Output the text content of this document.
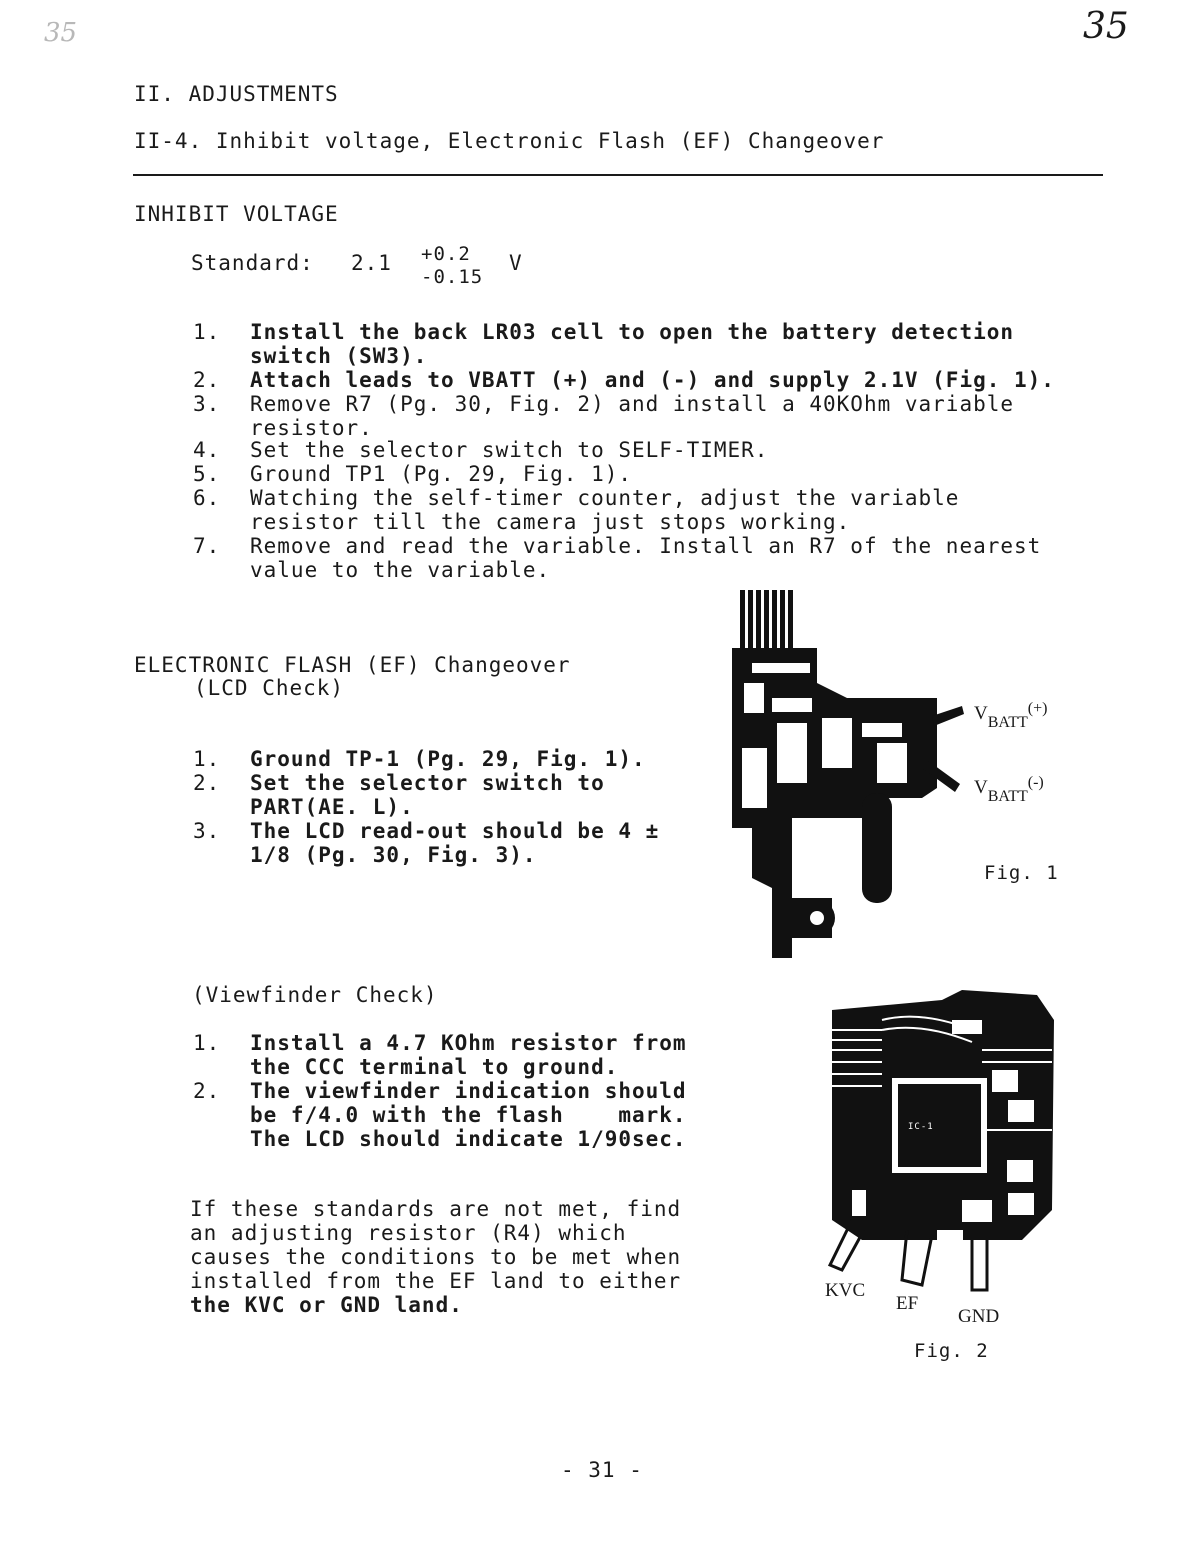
35	35
II. ADJUSTMENTS
II-4. Inhibit voltage, Electronic Flash (EF) Changeover
INHIBIT VOLTAGE
Standard: 2.1 +0.2
-0.15
V
1. Install the back LR03 cell to open the battery detection
switch (SW3).
2. Attach leads to VBATT (+) and (-) and supply 2.1V (Fig. 1).
3. Remove R7 (Pg. 30, Fig. 2) and install a 40KOhm variable
resistor.
4. Set the selector switch to SELF-TIMER.
5. Ground TP1 (Pg. 29, Fig. 1).
6. Watching the self-timer counter, adjust the variable
resistor till the camera just stops working.
7. Remove and read the variable. Install an R7 of the nearest
value to the variable.
ELECTRONIC FLASH (EF) Changeover
(LCD Check)
1. Ground TP-1 (Pg. 29, Fig. 1).
2. Set the selector switch to
PART(AE. L).
3. The LCD read-out should be 4 ±
1/8 (Pg. 30, Fig. 3).
(Viewfinder Check)
1. Install a 4.7 KOhm resistor from
the CCC terminal to ground.
2. The viewfinder indication should
be f/4.0 with the flash    mark.
The LCD should indicate 1/90sec.
If these standards are not met, find
an adjusting resistor (R4) which
causes the conditions to be met when
installed from the EF land to either
the KVC or GND land.
$V_{BATT}^{(+)}$
$V_{BATT}^{(-)}$
Fig. 1
IC-1
KVC
EF
GND
Fig. 2
- 31 -
